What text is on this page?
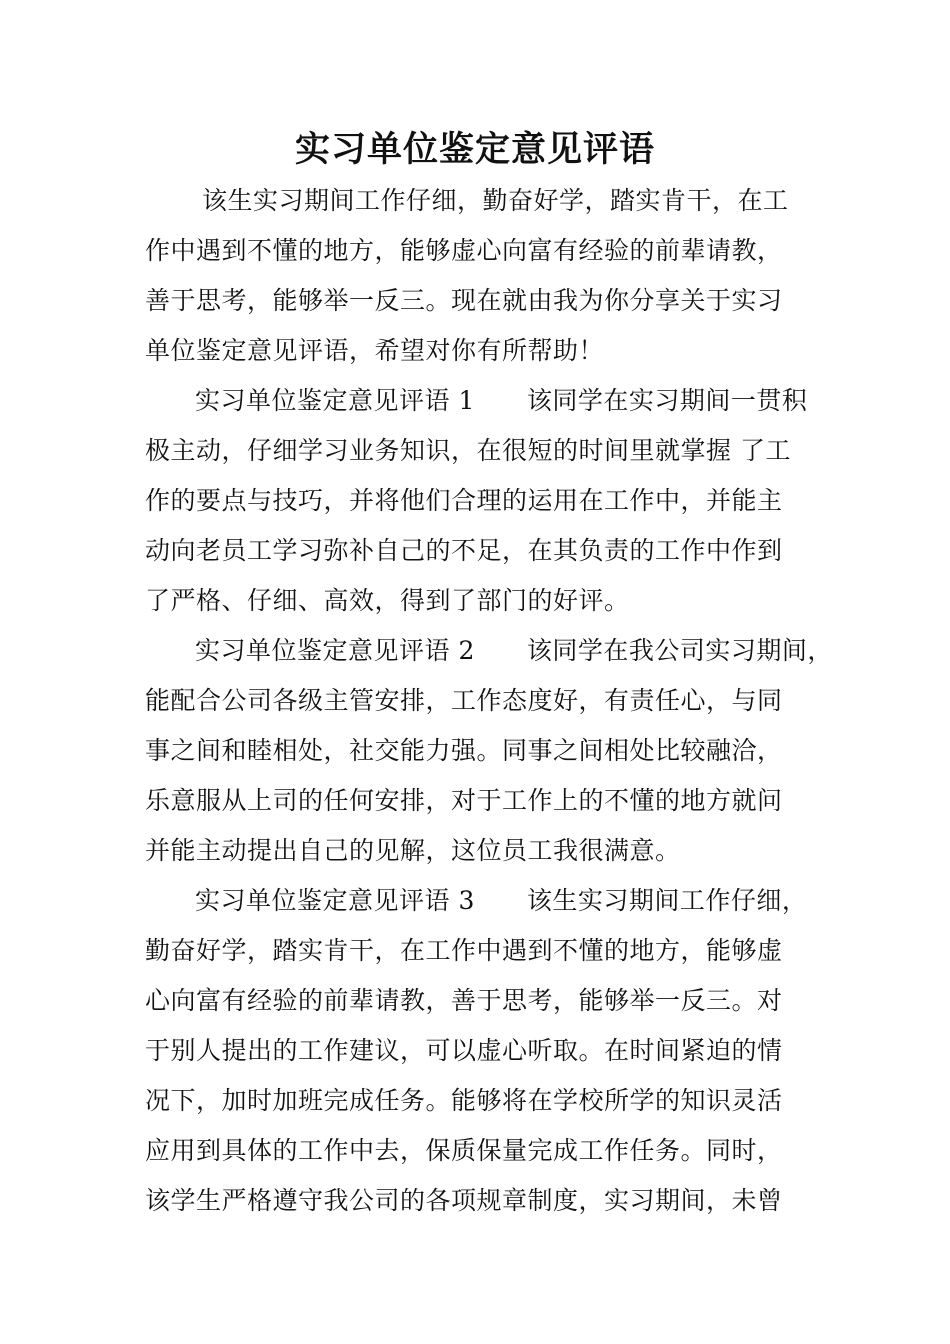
实习单位鉴定意见评语

该生实习期间工作仔细，勤奋好学，踏实肯干，在工
作中遇到不懂的地方，能够虚心向富有经验的前辈请教，
善于思考，能够举一反三。现在就由我为你分享关于实习
单位鉴定意见评语，希望对你有所帮助！

实习单位鉴定意见评语 1 该同学在实习期间一贯积
极主动，仔细学习业务知识，在很短的时间里就掌握 了工
作的要点与技巧，并将他们合理的运用在工作中，并能主
动向老员工学习弥补自己的不足，在其负责的工作中作到
了严格、仔细、高效，得到了部门的好评。

实习单位鉴定意见评语 2 该同学在我公司实习期间，
能配合公司各级主管安排，工作态度好，有责任心，与同
事之间和睦相处，社交能力强。同事之间相处比较融洽，
乐意服从上司的任何安排，对于工作上的不懂的地方就问
并能主动提出自己的见解，这位员工我很满意。

实习单位鉴定意见评语 3 该生实习期间工作仔细，
勤奋好学，踏实肯干，在工作中遇到不懂的地方，能够虚
心向富有经验的前辈请教，善于思考，能够举一反三。对
于别人提出的工作建议，可以虚心听取。在时间紧迫的情
况下，加时加班完成任务。能够将在学校所学的知识灵活
应用到具体的工作中去，保质保量完成工作任务。同时，
该学生严格遵守我公司的各项规章制度，实习期间，未曾
